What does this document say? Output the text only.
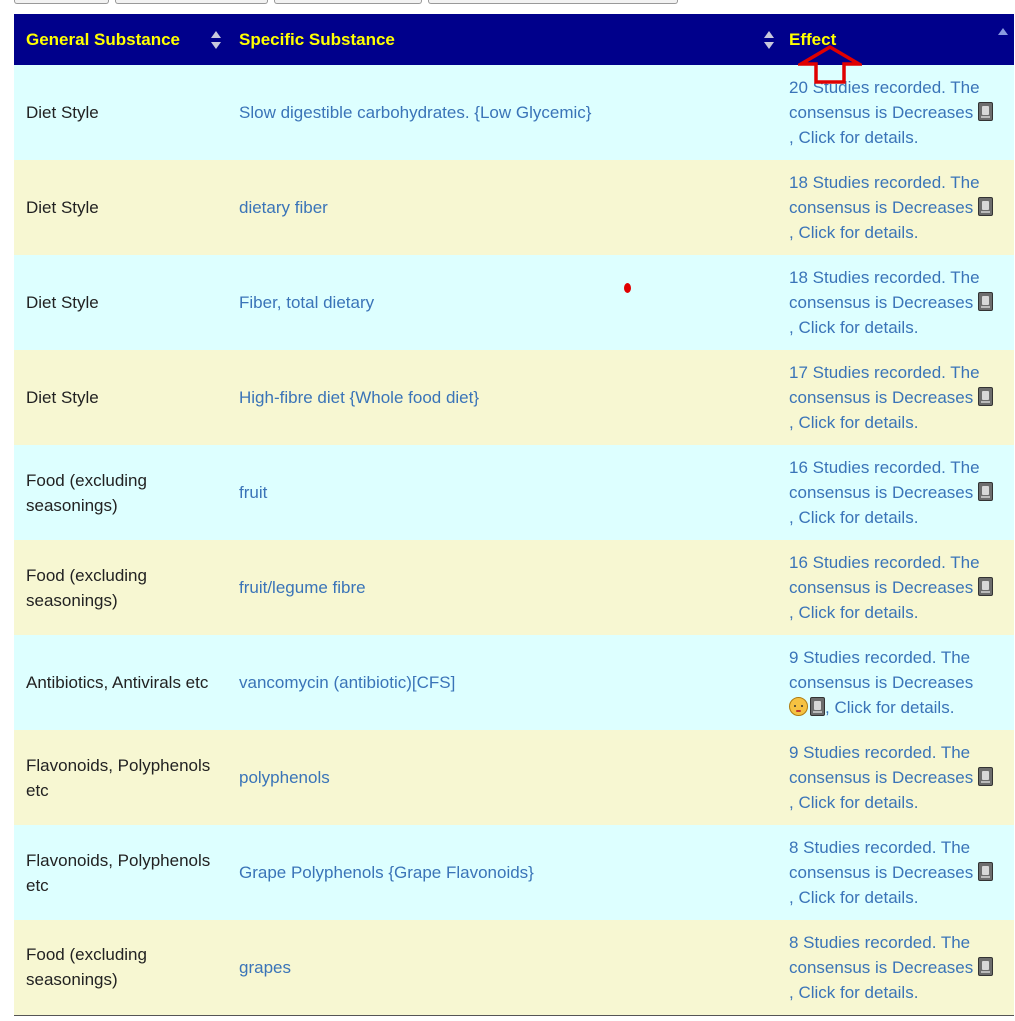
General Substance	Specific Substance	Effect

Diet Style	Slow digestible carbohydrates. {Low Glycemic}	20 Studies recorded. The consensus is Decreases , Click for details.
Diet Style	dietary fiber	18 Studies recorded. The consensus is Decreases , Click for details.
Diet Style	Fiber, total dietary	18 Studies recorded. The consensus is Decreases , Click for details.
Diet Style	High-fibre diet {Whole food diet}	17 Studies recorded. The consensus is Decreases , Click for details.
Food (excluding seasonings)	fruit	16 Studies recorded. The consensus is Decreases , Click for details.
Food (excluding seasonings)	fruit/legume fibre	16 Studies recorded. The consensus is Decreases , Click for details.
Antibiotics, Antivirals etc	vancomycin (antibiotic)[CFS]	9 Studies recorded. The consensus is Decreases , Click for details.
Flavonoids, Polyphenols etc	polyphenols	9 Studies recorded. The consensus is Decreases , Click for details.
Flavonoids, Polyphenols etc	Grape Polyphenols {Grape Flavonoids}	8 Studies recorded. The consensus is Decreases , Click for details.
Food (excluding seasonings)	grapes	8 Studies recorded. The consensus is Decreases , Click for details.
